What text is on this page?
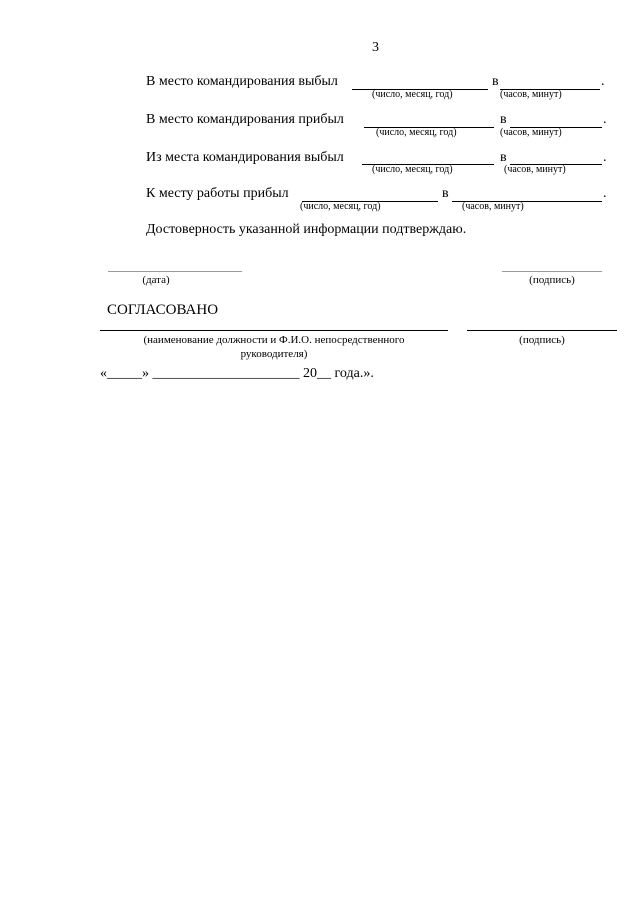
3
В место командирования выбыл	в	.
(число, месяц, год)	(часов, минут)
В место командирования прибыл	в	.
(число, месяц, год)	(часов, минут)
Из места командирования выбыл	в	.
(число, месяц, год)	(часов, минут)
К месту работы прибыл	в	.
(число, месяц, год)	(часов, минут)
Достоверность указанной информации подтверждаю.
(дата)	(подпись)
СОГЛАСОВАНО
(наименование должности и Ф.И.О. непосредственного
руководителя)
(подпись)
«_____» _____________________ 20__ года.».
